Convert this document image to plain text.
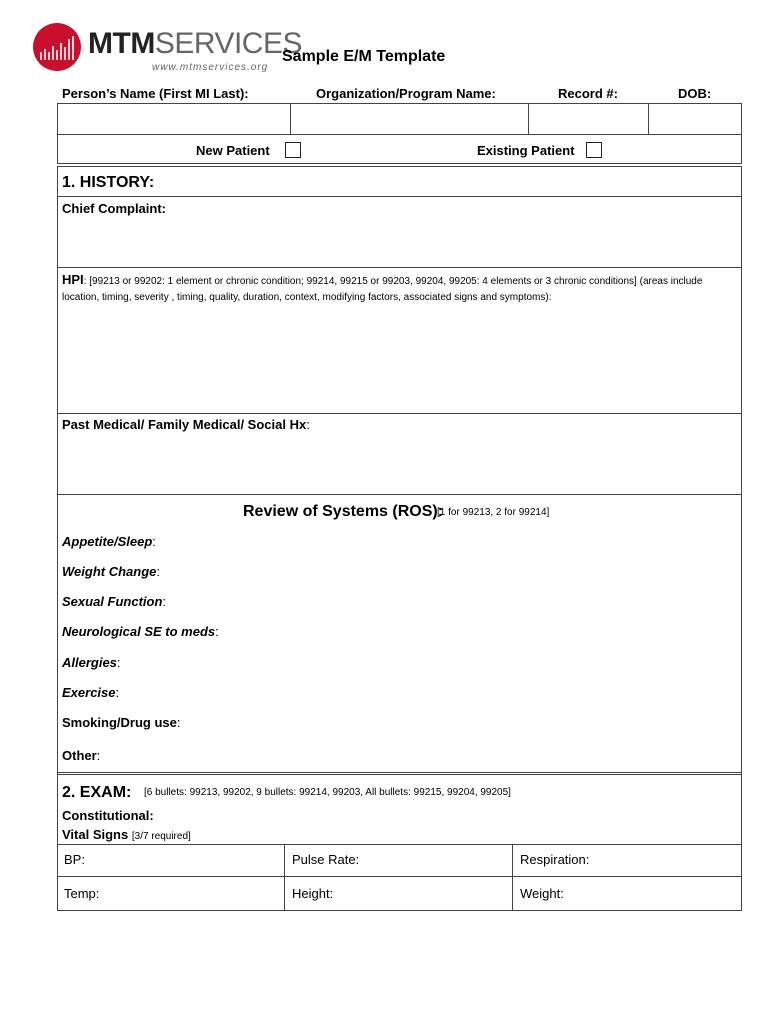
MTMSERVICES
www.mtmservices.org
Sample E/M Template
Person’s Name (First MI Last):	Organization/Program Name:	Record #:	DOB:
New Patient	Existing Patient
1. HISTORY:
Chief Complaint:
HPI: [99213 or 99202: 1 element or chronic condition; 99214, 99215 or 99203, 99204, 99205: 4 elements or 3 chronic conditions] (areas include location, timing, severity , timing, quality, duration, context, modifying factors, associated signs and symptoms):
Past Medical/ Family Medical/ Social Hx:
Review of Systems (ROS):
[1 for 99213, 2 for 99214]
Appetite/Sleep:
Weight Change:
Sexual Function:
Neurological SE to meds:
Allergies:
Exercise:
Smoking/Drug use:
Other:
2. EXAM: [6 bullets: 99213, 99202, 9 bullets: 99214, 99203, All bullets: 99215, 99204, 99205]
Constitutional:
Vital Signs [3/7 required]
BP:	Pulse Rate:	Respiration:
Temp:	Height:	Weight:
